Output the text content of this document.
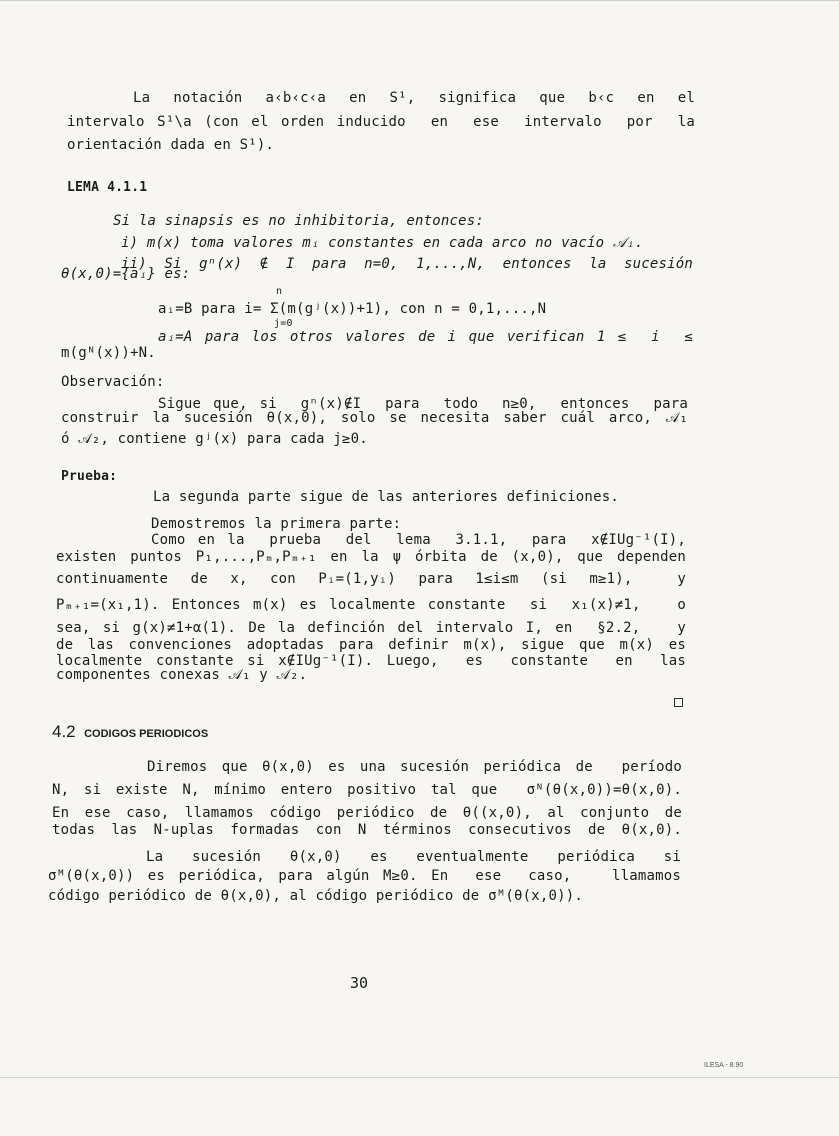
La  notación  a‹b‹c‹a  en  S¹,  significa  que  b‹c  en  el
intervalo S¹\a (con el orden inducido  en  ese  intervalo  por  la
orientación dada en S¹).
LEMA 4.1.1
Si la sinapsis es no inhibitoria, entonces:
i) m(x) toma valores mᵢ constantes en cada arco no vacío 𝒜ᵢ.
ii) Si gⁿ(x) ∉ I para n=0, 1,...,N, entonces la sucesión
θ(x,0)={aᵢ} es:
n
aᵢ=B para i= Σ(m(gʲ(x))+1), con n = 0,1,...,N
j=0
aᵢ=A para los otros valores de i que verifican 1 ≤  i  ≤
m(gᴺ(x))+N.
Observación:
Sigue que, si  gⁿ(x)∉I  para  todo  n≥0,  entonces  para
construir la sucesión θ(x,0), solo se necesita saber cuál arco, 𝒜₁
ó 𝒜₂, contiene gʲ(x) para cada j≥0.
Prueba:
La segunda parte sigue de las anteriores definiciones.
Demostremos la primera parte:
Como en la  prueba  del  lema  3.1.1,  para  x∉IUg⁻¹(I),
existen puntos P₁,...,Pₘ,Pₘ₊₁ en la ψ órbita de (x,0), que dependen
continuamente  de  x,  con  Pᵢ=(1,yᵢ)  para  1≤i≤m  (si  m≥1),    y
Pₘ₊₁=(x₁,1). Entonces m(x) es localmente constante  si  x₁(x)≠1,   o
sea, si g(x)≠1+α(1). De la definción del intervalo I, en  §2.2,   y
de las convenciones adoptadas para definir m(x), sigue que m(x) es
localmente constante si x∉IUg⁻¹(I). Luego,  es  constante  en  las
componentes conexas 𝒜₁ y 𝒜₂.
4.2 CODIGOS PERIODICOS
Diremos que θ(x,0) es una sucesión periódica de  período
N, si existe N, mínimo entero positivo tal que  σᴺ(θ(x,0))=θ(x,0).
En ese caso, llamamos código periódico de θ((x,0), al conjunto de
todas las N-uplas formadas con N términos consecutivos de θ(x,0).
La  sucesión  θ(x,0)  es  eventualmente  periódica  si
σᴹ(θ(x,0)) es periódica, para algún M≥0. En  ese  caso,   llamamos
código periódico de θ(x,0), al código periódico de σᴹ(θ(x,0)).
30
ILESA - 8.90
